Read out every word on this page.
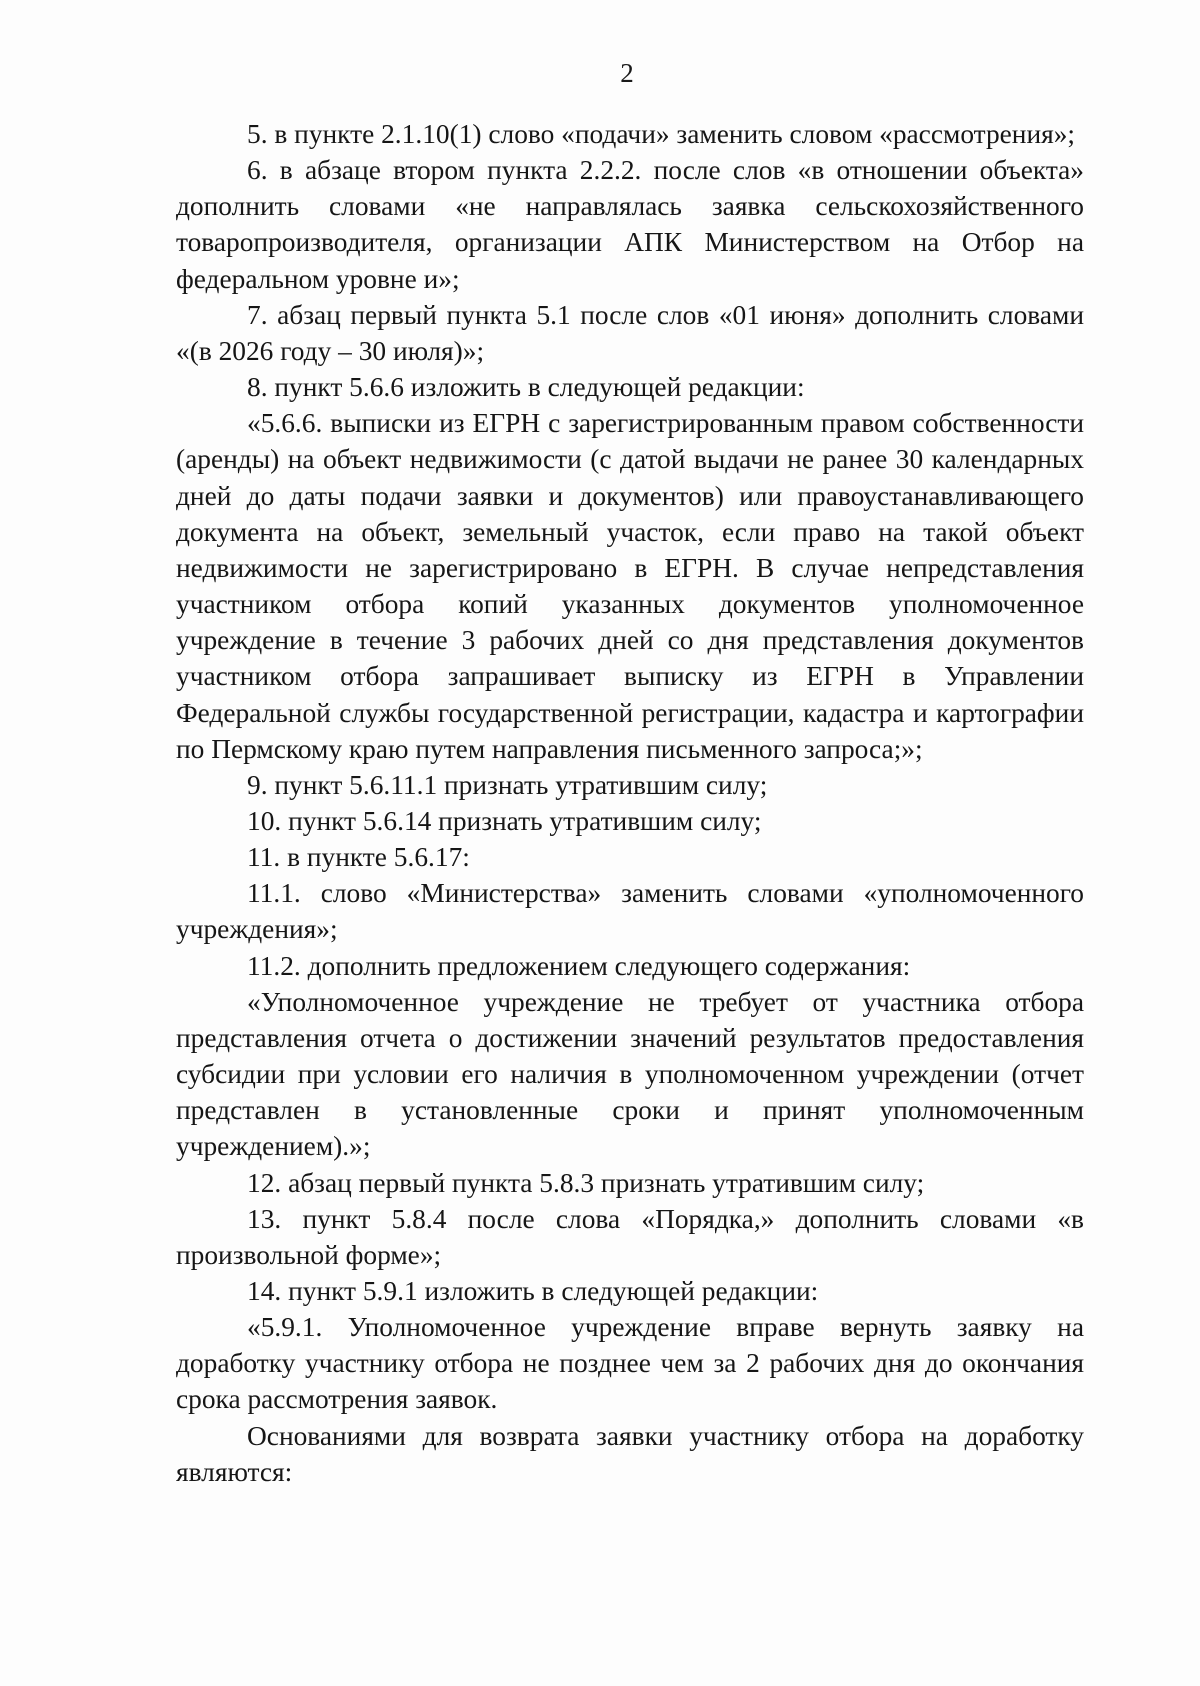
2

5. в пункте 2.1.10(1) слово «подачи» заменить словом «рассмотрения»;

6. в абзаце втором пункта 2.2.2. после слов «в отношении объекта» дополнить словами «не направлялась заявка сельскохозяйственного товаропроизводителя, организации АПК Министерством на Отбор на федеральном уровне и»;

7. абзац первый пункта 5.1 после слов «01 июня» дополнить словами «(в 2026 году – 30 июля)»;

8. пункт 5.6.6 изложить в следующей редакции:

«5.6.6. выписки из ЕГРН с зарегистрированным правом собственности (аренды) на объект недвижимости (с датой выдачи не ранее 30 календарных дней до даты подачи заявки и документов) или правоустанавливающего документа на объект, земельный участок, если право на такой объект недвижимости не зарегистрировано в ЕГРН. В случае непредставления участником отбора копий указанных документов уполномоченное учреждение в течение 3 рабочих дней со дня представления документов участником отбора запрашивает выписку из ЕГРН в Управлении Федеральной службы государственной регистрации, кадастра и картографии по Пермскому краю путем направления письменного запроса;»;

9. пункт 5.6.11.1 признать утратившим силу;

10. пункт 5.6.14 признать утратившим силу;

11. в пункте 5.6.17:

11.1. слово «Министерства» заменить словами «уполномоченного учреждения»;

11.2. дополнить предложением следующего содержания:

«Уполномоченное учреждение не требует от участника отбора представления отчета о достижении значений результатов предоставления субсидии при условии его наличия в уполномоченном учреждении (отчет представлен в установленные сроки и принят уполномоченным учреждением).»;

12. абзац первый пункта 5.8.3 признать утратившим силу;

13. пункт 5.8.4 после слова «Порядка,» дополнить словами «в произвольной форме»;

14. пункт 5.9.1 изложить в следующей редакции:

«5.9.1. Уполномоченное учреждение вправе вернуть заявку на доработку участнику отбора не позднее чем за 2 рабочих дня до окончания срока рассмотрения заявок.

Основаниями для возврата заявки участнику отбора на доработку являются:
